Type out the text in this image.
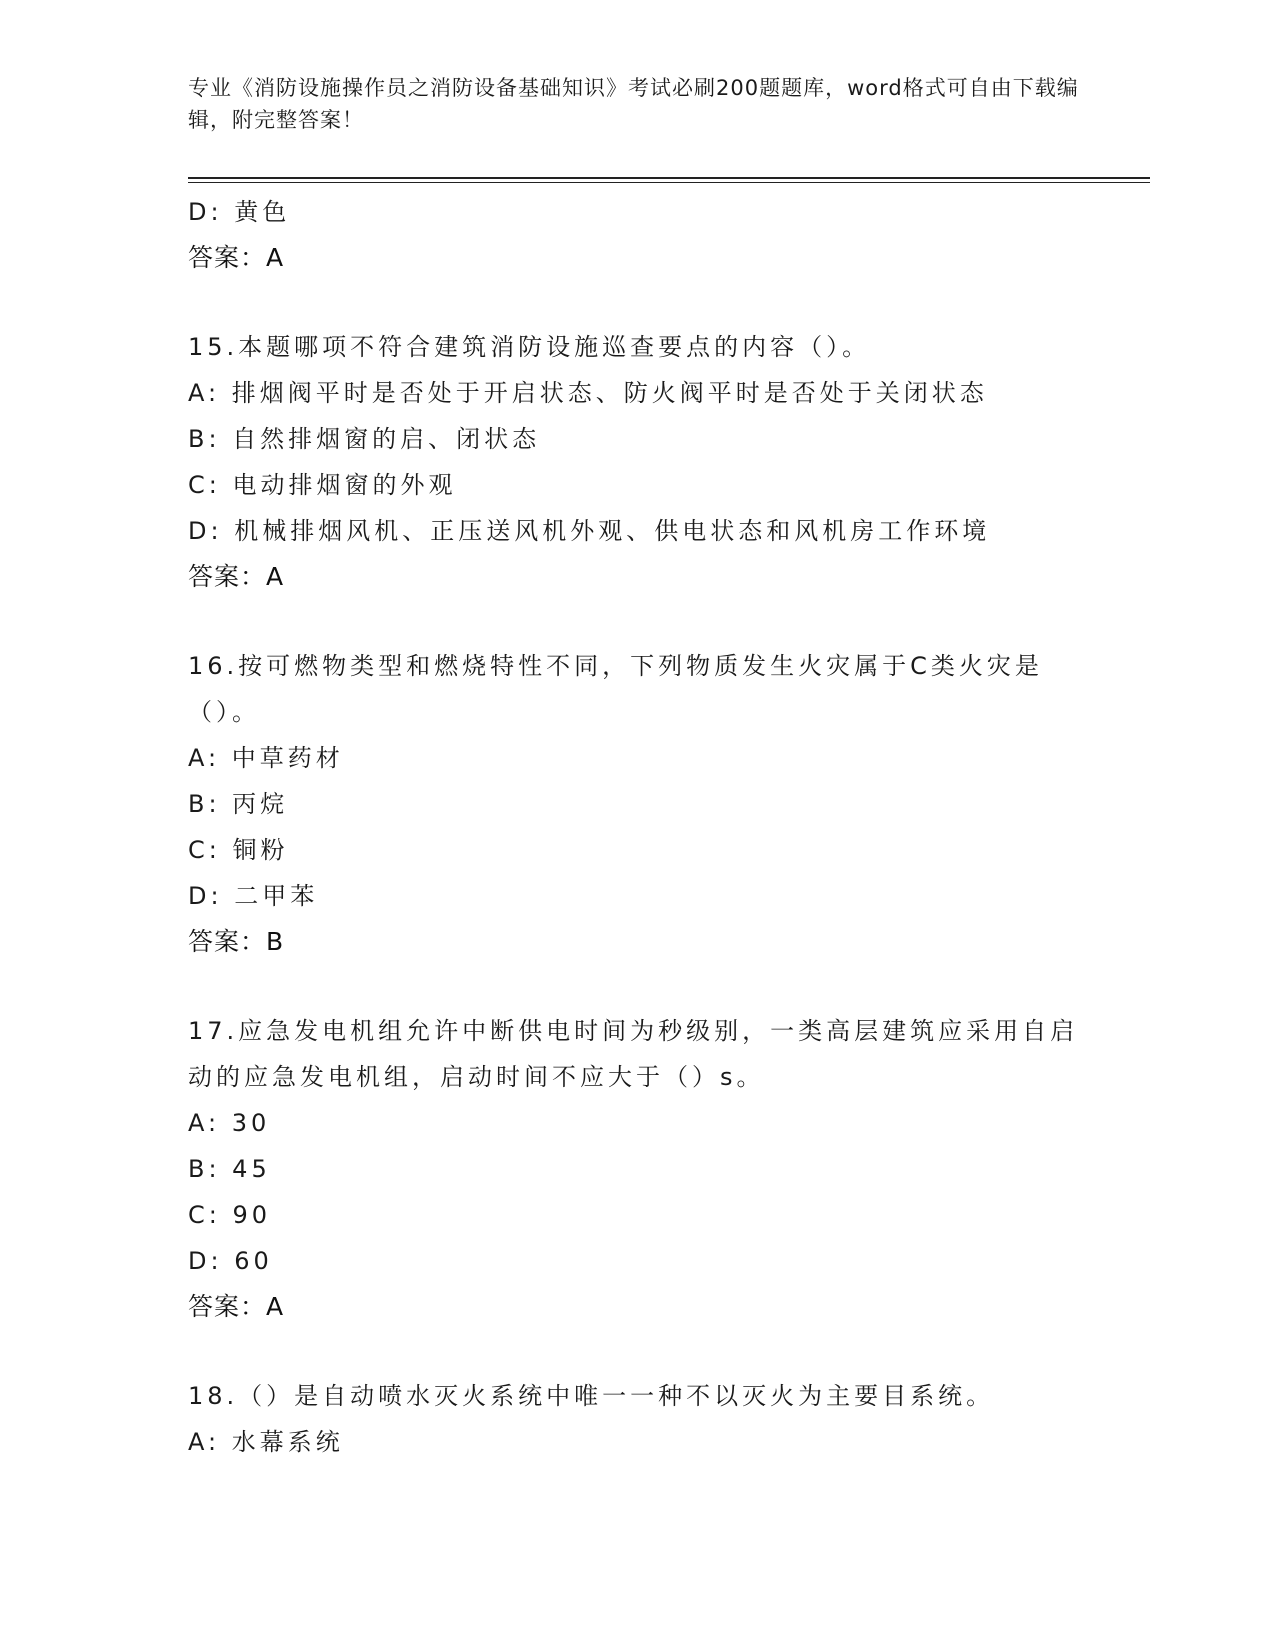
专业《消防设施操作员之消防设备基础知识》考试必刷200题题库，word格式可自由下载编辑，附完整答案！
D: 黄色
答案：A
15.本题哪项不符合建筑消防设施巡查要点的内容（）。
A: 排烟阀平时是否处于开启状态、防火阀平时是否处于关闭状态
B: 自然排烟窗的启、闭状态
C: 电动排烟窗的外观
D: 机械排烟风机、正压送风机外观、供电状态和风机房工作环境
答案：A
16.按可燃物类型和燃烧特性不同，下列物质发生火灾属于C类火灾是（）。
A: 中草药材
B: 丙烷
C: 铜粉
D: 二甲苯
答案：B
17.应急发电机组允许中断供电时间为秒级别，一类高层建筑应采用自启动的应急发电机组，启动时间不应大于（）s。
A: 30
B: 45
C: 90
D: 60
答案：A
18.（）是自动喷水灭火系统中唯一一种不以灭火为主要目系统。
A: 水幕系统
